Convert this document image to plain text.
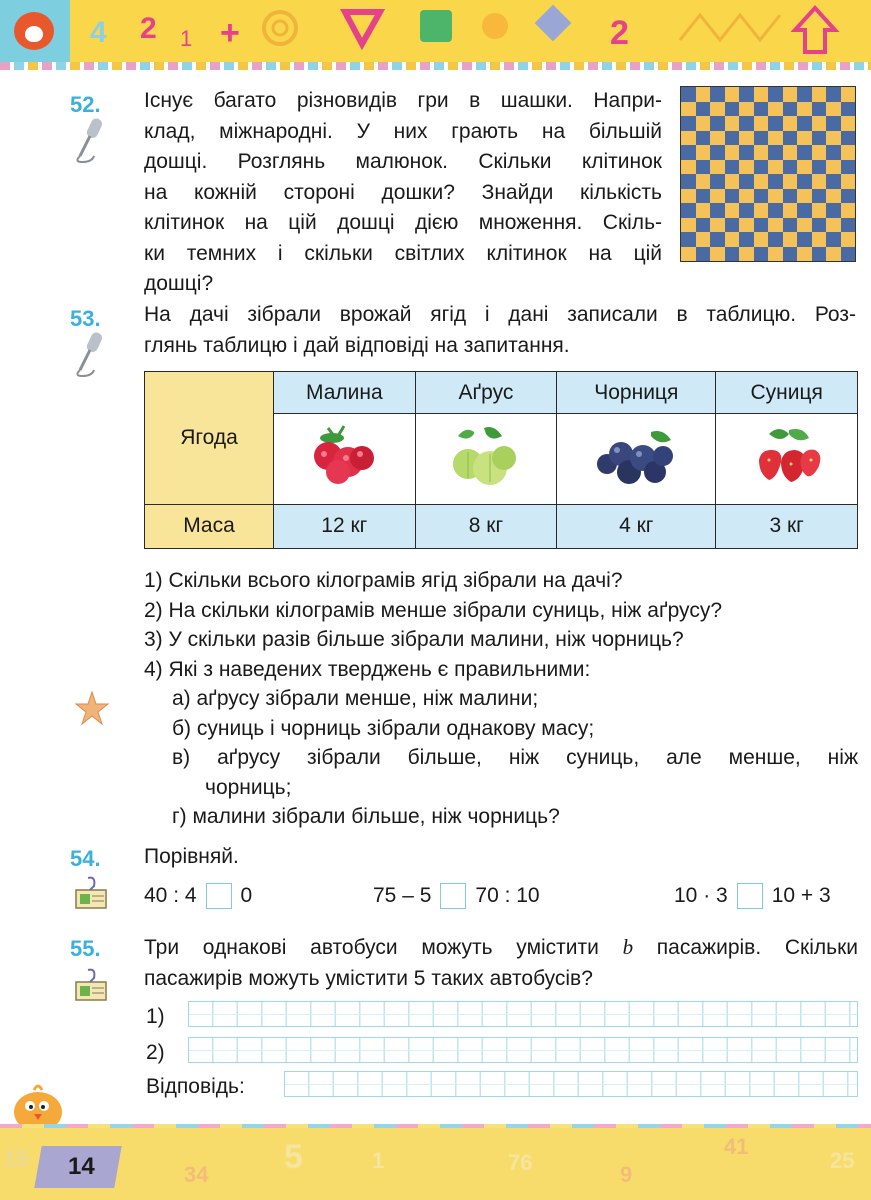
4 2 1 +	2
52. Існує багато різновидів гри в шашки. Напри-
клад, міжнародні. У них грають на більшій
дошці. Розглянь малюнок. Скільки клітинок
на кожній стороні дошки? Знайди кількість
клітинок на цій дошці дією множення. Скіль-
ки темних і скільки світлих клітинок на цій
дошці?
53. На дачі зібрали врожай ягід і дані записали в таблицю. Роз-
глянь таблицю і дай відповіді на запитання.
Ягода	Малина	Аґрус	Чорниця	Суниця

Маса	12 кг	8 кг	4 кг	3 кг
1) Скільки всього кілограмів ягід зібрали на дачі?
2) На скільки кілограмів менше зібрали суниць, ніж аґрусу?
3) У скільки разів більше зібрали малини, ніж чорниць?
4) Які з наведених тверджень є правильними:
а) аґрусу зібрали менше, ніж малини;
б) суниць і чорниць зібрали однакову масу;
в) аґрусу зібрали більше, ніж суниць, але менше, ніж
чорниць;
г) малини зібрали більше, ніж чорниць?
54. Порівняй.
40 : 4 0	75 – 5 70 : 10	10 · 3 10 + 3
55. Три однакові автобуси можуть умістити b пасажирів. Скільки
пасажирів можуть умістити 5 таких автобусів?
1)
2)
Відповідь:
15
34 5	1	76	9
41
25
14
